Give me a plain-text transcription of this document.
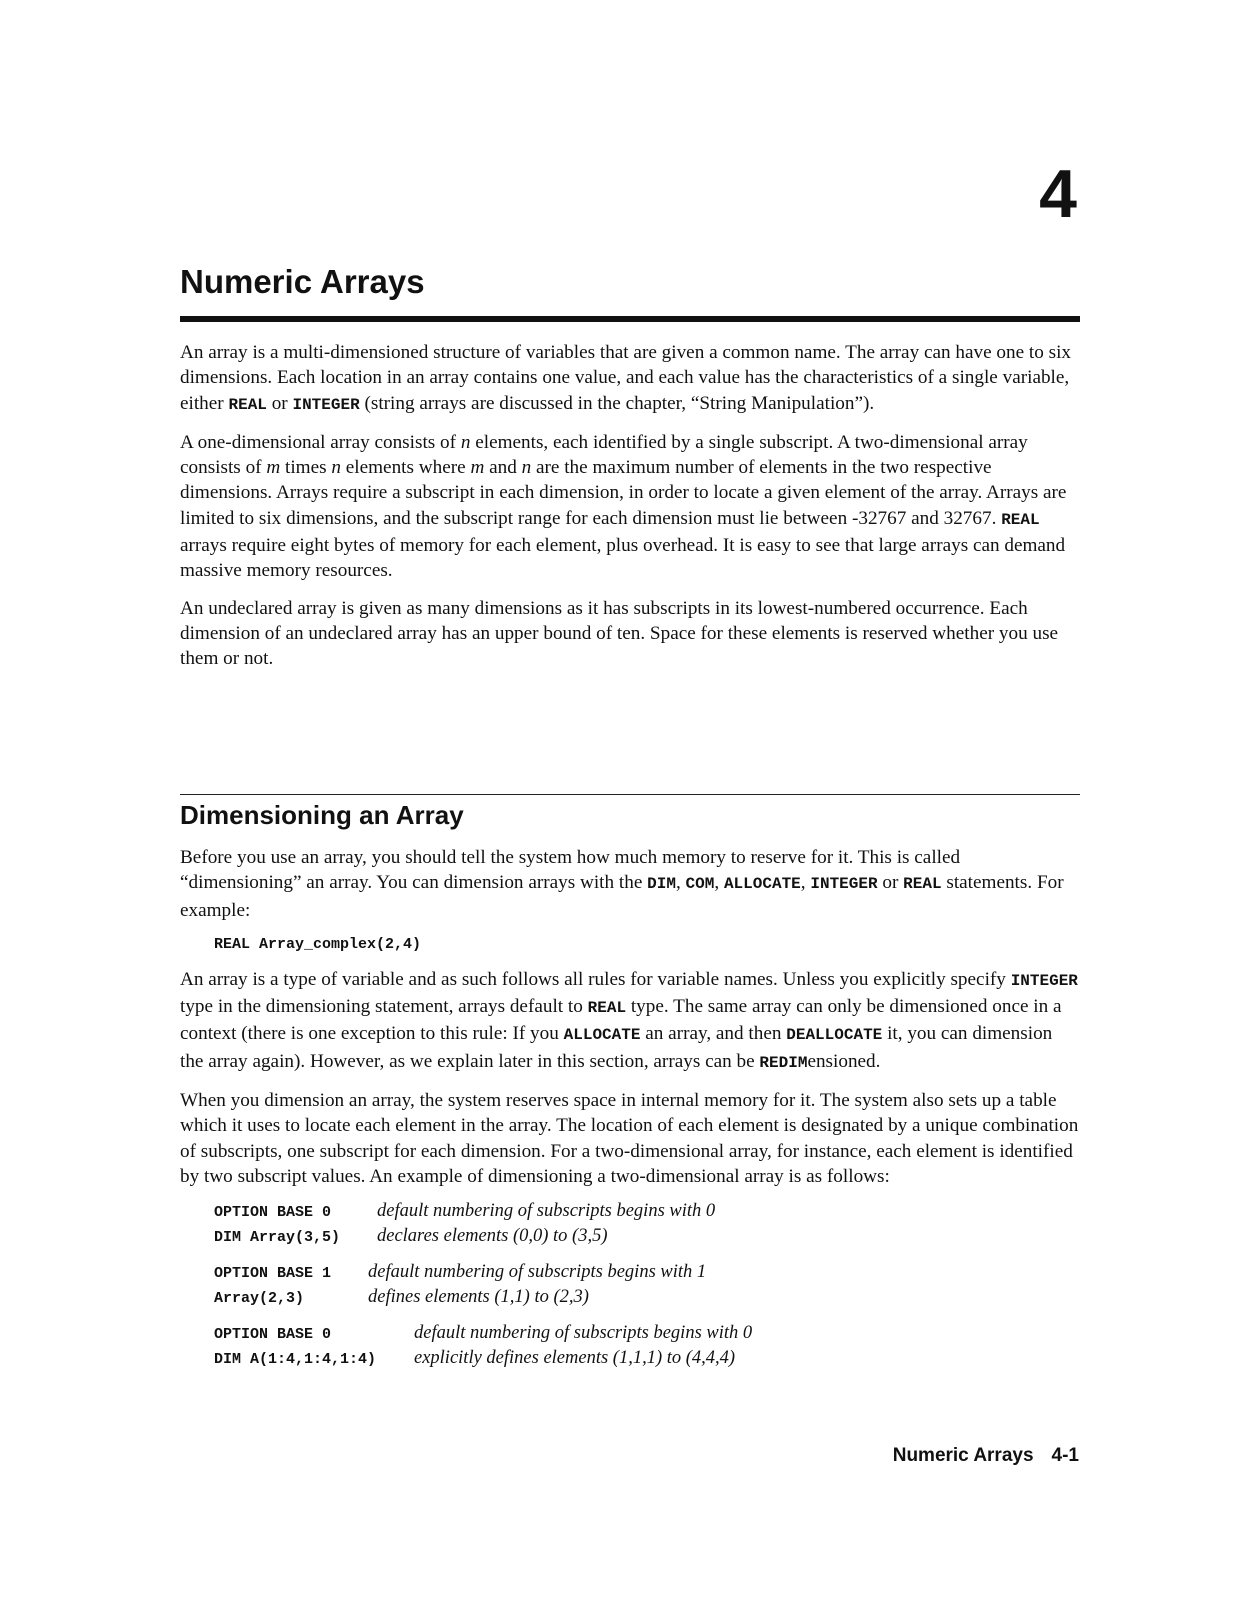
4
Numeric Arrays

An array is a multi-dimensioned structure of variables that are given a common name. The array can have one to six dimensions. Each location in an array contains one value, and each value has the characteristics of a single variable, either REAL or INTEGER (string arrays are discussed in the chapter, “String Manipulation”).

A one-dimensional array consists of n elements, each identified by a single subscript. A two-dimensional array consists of m times n elements where m and n are the maximum number of elements in the two respective dimensions. Arrays require a subscript in each dimension, in order to locate a given element of the array. Arrays are limited to six dimensions, and the subscript range for each dimension must lie between -32767 and 32767. REAL arrays require eight bytes of memory for each element, plus overhead. It is easy to see that large arrays can demand massive memory resources.

An undeclared array is given as many dimensions as it has subscripts in its lowest-numbered occurrence. Each dimension of an undeclared array has an upper bound of ten. Space for these elements is reserved whether you use them or not.

Dimensioning an Array

Before you use an array, you should tell the system how much memory to reserve for it. This is called “dimensioning” an array. You can dimension arrays with the DIM, COM, ALLOCATE, INTEGER or REAL statements. For example:

REAL Array_complex(2,4)

An array is a type of variable and as such follows all rules for variable names. Unless you explicitly specify INTEGER type in the dimensioning statement, arrays default to REAL type. The same array can only be dimensioned once in a context (there is one exception to this rule: If you ALLOCATE an array, and then DEALLOCATE it, you can dimension the array again). However, as we explain later in this section, arrays can be REDIMensioned.

When you dimension an array, the system reserves space in internal memory for it. The system also sets up a table which it uses to locate each element in the array. The location of each element is designated by a unique combination of subscripts, one subscript for each dimension. For a two-dimensional array, for instance, each element is identified by two subscript values. An example of dimensioning a two-dimensional array is as follows:

OPTION BASE 0	default numbering of subscripts begins with 0
DIM Array(3,5)	declares elements (0,0) to (3,5)
OPTION BASE 1	default numbering of subscripts begins with 1
Array(2,3)	defines elements (1,1) to (2,3)
OPTION BASE 0	default numbering of subscripts begins with 0
DIM A(1:4,1:4,1:4)	explicitly defines elements (1,1,1) to (4,4,4)
Numeric Arrays 4-1
